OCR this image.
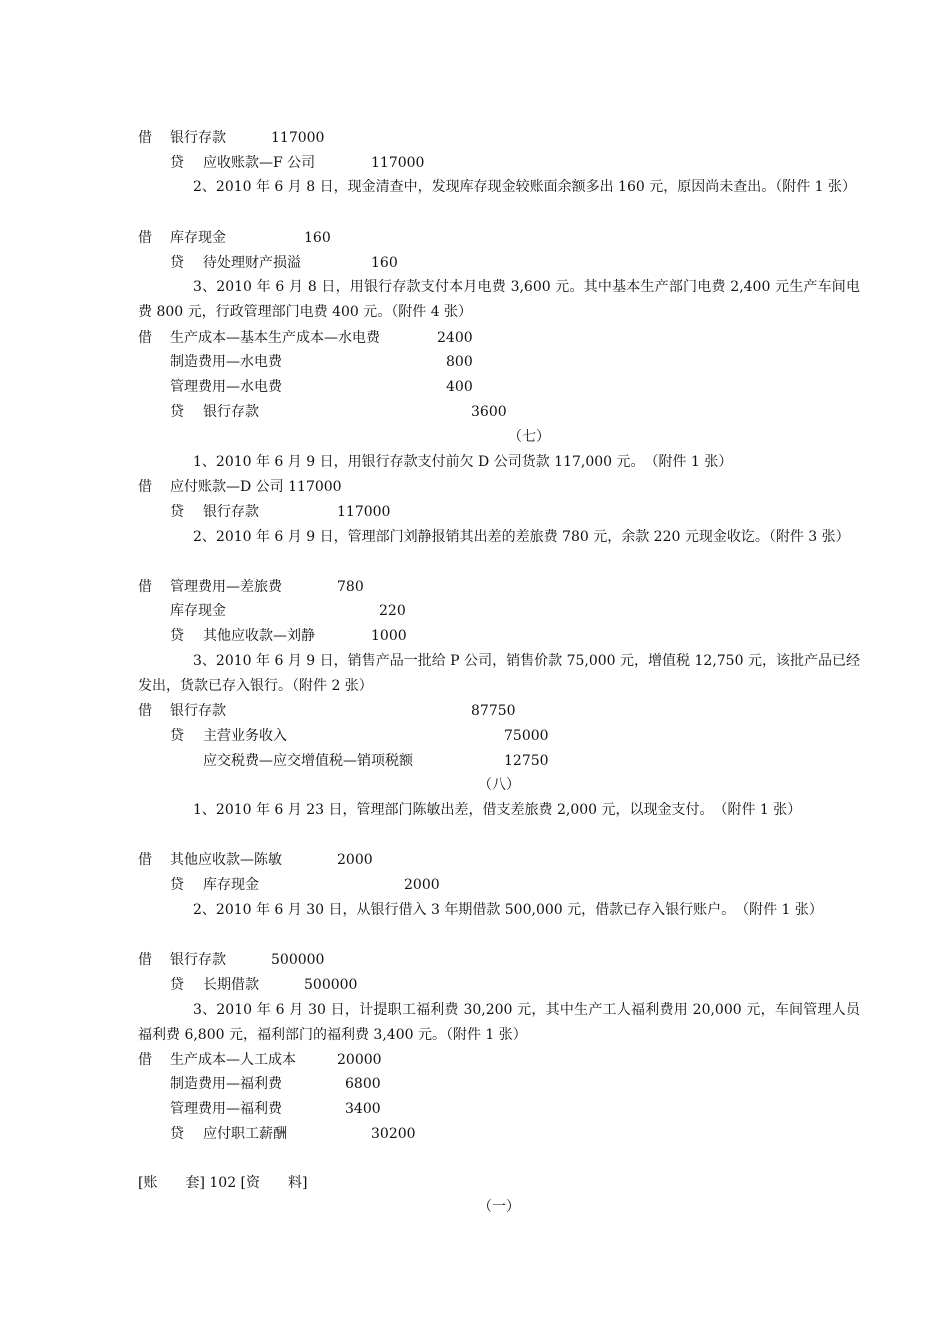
借 银行存款	117000
贷 应收账款—F 公司	117000
2、2010 年 6 月 8 日，现金清查中，发现库存现金较账面余额多出 160 元，原因尚未查出。（附件 1 张）
借 库存现金	160
贷 待处理财产损溢	160
3、2010 年 6 月 8 日，用银行存款支付本月电费 3,600 元。其中基本生产部门电费 2,400 元生产车间电费 800 元，行政管理部门电费 400 元。（附件 4 张）
借 生产成本—基本生产成本—水电费	2400
制造费用—水电费	800
管理费用—水电费	400
贷 银行存款	3600
（七）
1、2010 年 6 月 9 日，用银行存款支付前欠 D 公司货款 117,000 元。　（附件 1 张）
借 应付账款—D 公司 117000
贷 银行存款	117000
2、2010 年 6 月 9 日，管理部门刘静报销其出差的差旅费 780 元，余款 220 元现金收讫。（附件 3 张）
借 管理费用—差旅费	780
库存现金	220
贷 其他应收款—刘静	1000
3、2010 年 6 月 9 日，销售产品一批给 P 公司，销售价款 75,000 元，增值税 12,750 元，该批产品已经发出，货款已存入银行。（附件 2 张）
借 银行存款	87750
贷 主营业务收入	75000
应交税费—应交增值税—销项税额	12750
（八）
1、2010 年 6 月 23 日，管理部门陈敏出差，借支差旅费 2,000 元，以现金支付。　（附件 1 张）
借 其他应收款—陈敏	2000
贷 库存现金	2000
2、2010 年 6 月 30 日，从银行借入 3 年期借款 500,000 元，借款已存入银行账户。　（附件 1 张）
借 银行存款	500000
贷 长期借款	500000
3、2010 年 6 月 30 日，计提职工福利费 30,200 元，其中生产工人福利费用 20,000 元，车间管理人员福利费 6,800 元，福利部门的福利费 3,400 元。（附件 1 张）
借 生产成本—人工成本	20000
制造费用—福利费	6800
管理费用—福利费	3400
贷 应付职工薪酬	30200
[账　　套] 102 [资　　料]
（一）
